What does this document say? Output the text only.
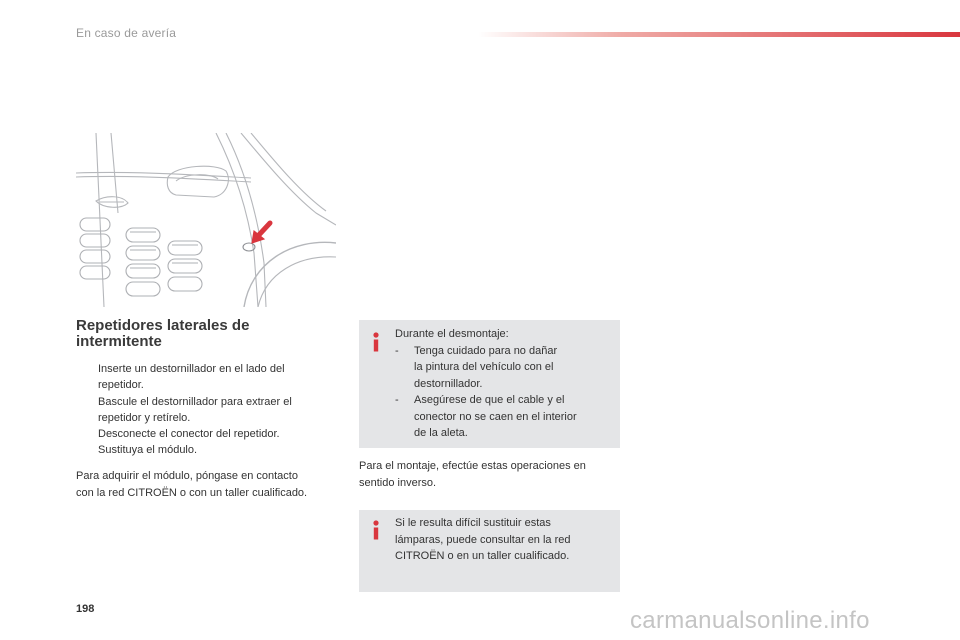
En caso de avería
Repetidores laterales de
intermitente
Inserte un destornillador en el lado del
repetidor.
Bascule el destornillador para extraer el
repetidor y retírelo.
Desconecte el conector del repetidor.
Sustituya el módulo.
Para adquirir el módulo, póngase en contacto
con la red CITROËN o con un taller cualificado.
Durante el desmontaje:
- Tenga cuidado para no dañar
la pintura del vehículo con el
destornillador.
- Asegúrese de que el cable y el
conector no se caen en el interior
de la aleta.
Para el montaje, efectúe estas operaciones en
sentido inverso.
Si le resulta difícil sustituir estas
lámparas, puede consultar en la red
CITROËN o en un taller cualificado.
198	carmanualsonline.info
